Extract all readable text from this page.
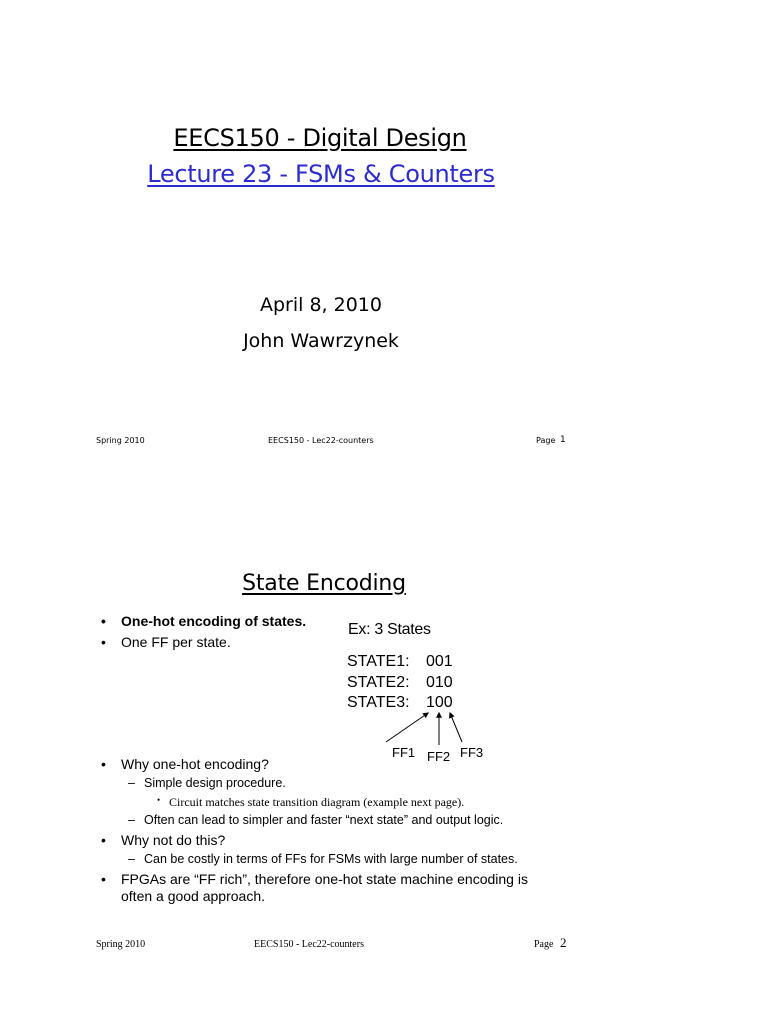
EECS150 - Digital Design
Lecture 23 - FSMs & Counters
April 8, 2010
John Wawrzynek
Spring 2010	EECS150 - Lec22-counters	Page 1
State Encoding
• One-hot encoding of states.
• One FF per state.
• Why one-hot encoding?
– Simple design procedure.
• Circuit matches state transition diagram (example next page).
– Often can lead to simpler and faster “next state” and output logic.
• Why not do this?
– Can be costly in terms of FFs for FSMs with large number of states.
• FPGAs are “FF rich”, therefore one-hot state machine encoding is
often a good approach.
Ex: 3 States
STATE1: 001
STATE2: 010
STATE3: 100
FF1 FF2 FF3
Spring 2010	EECS150 - Lec22-counters	Page 2
